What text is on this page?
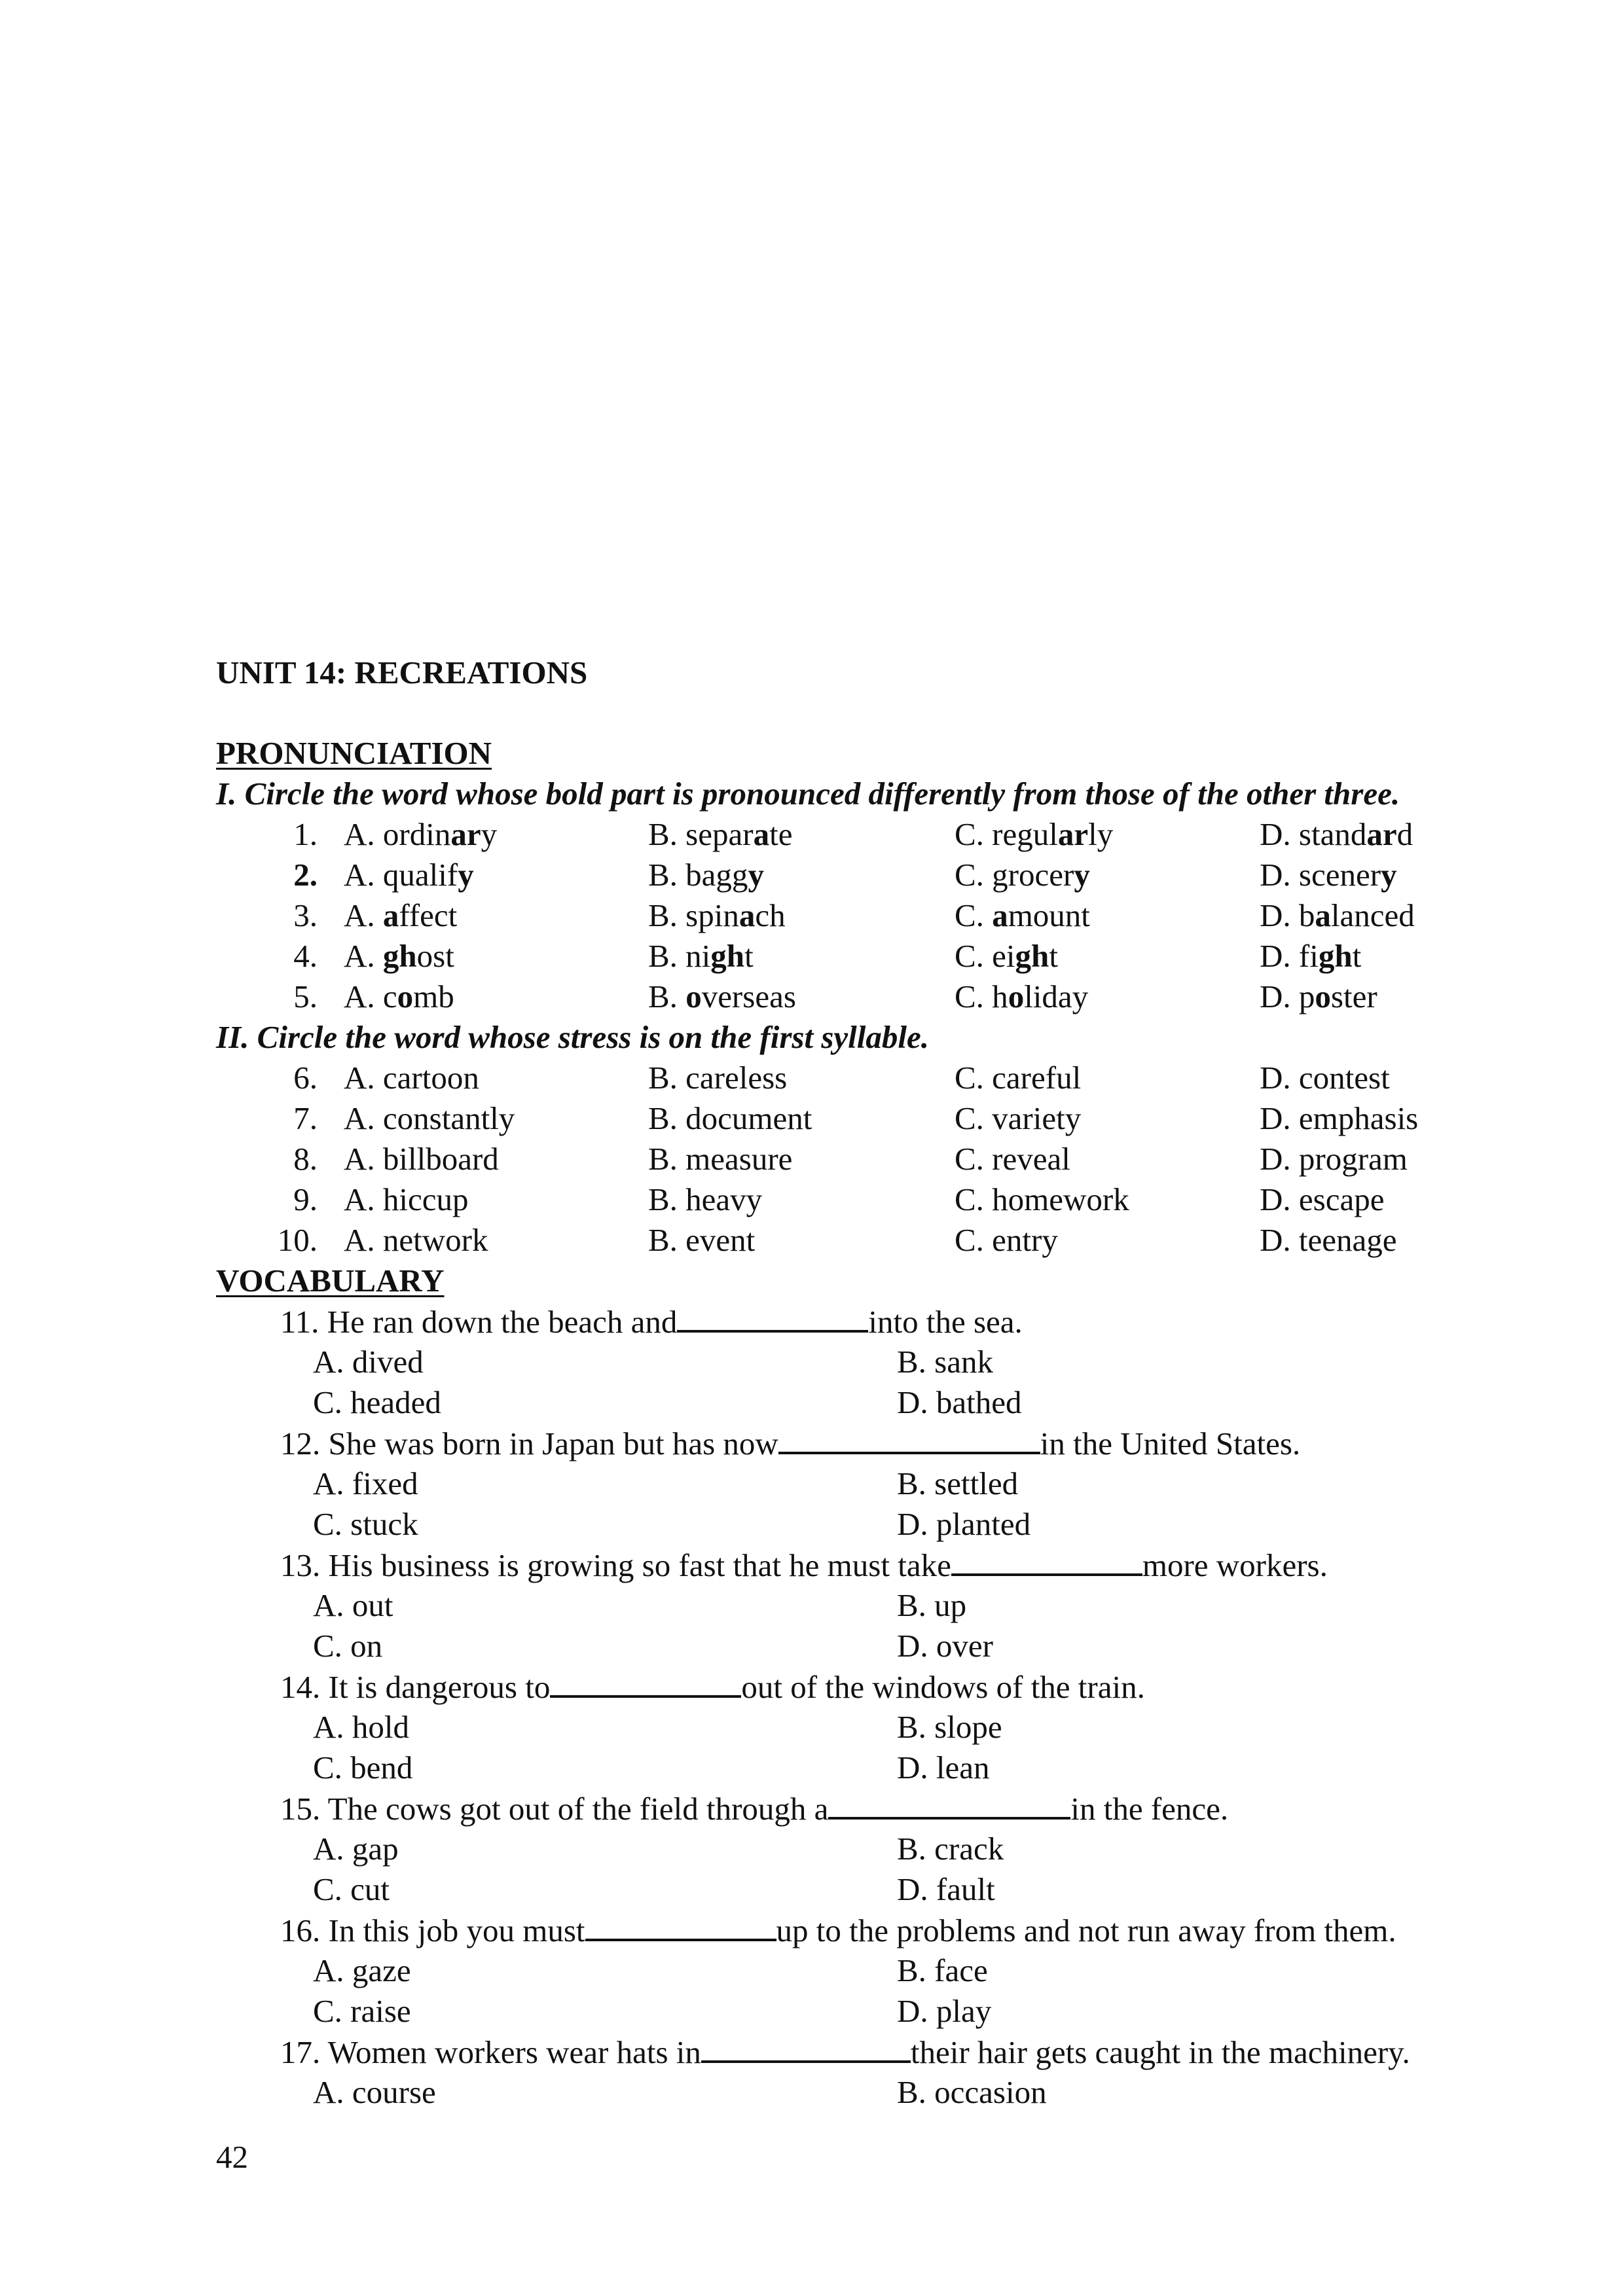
UNIT 14: RECREATIONS
PRONUNCIATION
I. Circle the word whose bold part is pronounced differently from those of the other three.
1. A. ordinary	B. separate	C. regularly	D. standard
2. A. qualify	B. baggy	C. grocery	D. scenery
3. A. affect	B. spinach	C. amount	D. balanced
4. A. ghost	B. night	C. eight	D. fight
5. A. comb	B. overseas	C. holiday	D. poster
II. Circle the word whose stress is on the first syllable.
6. A. cartoon	B. careless	C. careful	D. contest
7. A. constantly	B. document	C. variety	D. emphasis
8. A. billboard	B. measure	C. reveal	D. program
9. A. hiccup	B. heavy	C. homework	D. escape
10. A. network	B. event	C. entry	D. teenage
VOCABULARY
11. He ran down the beach and	into the sea.
A. dived	B. sank
C. headed	D. bathed
12. She was born in Japan but has now	in the United States.
A. fixed	B. settled
C. stuck	D. planted
13. His business is growing so fast that he must take	more workers.
A. out	B. up
C. on	D. over
14. It is dangerous to	out of the windows of the train.
A. hold	B. slope
C. bend	D. lean
15. The cows got out of the field through a	in the fence.
A. gap	B. crack
C. cut	D. fault
16. In this job you must	up to the problems and not run away from them.
A. gaze	B. face
C. raise	D. play
17. Women workers wear hats in	their hair gets caught in the machinery.
A. course	B. occasion
42
